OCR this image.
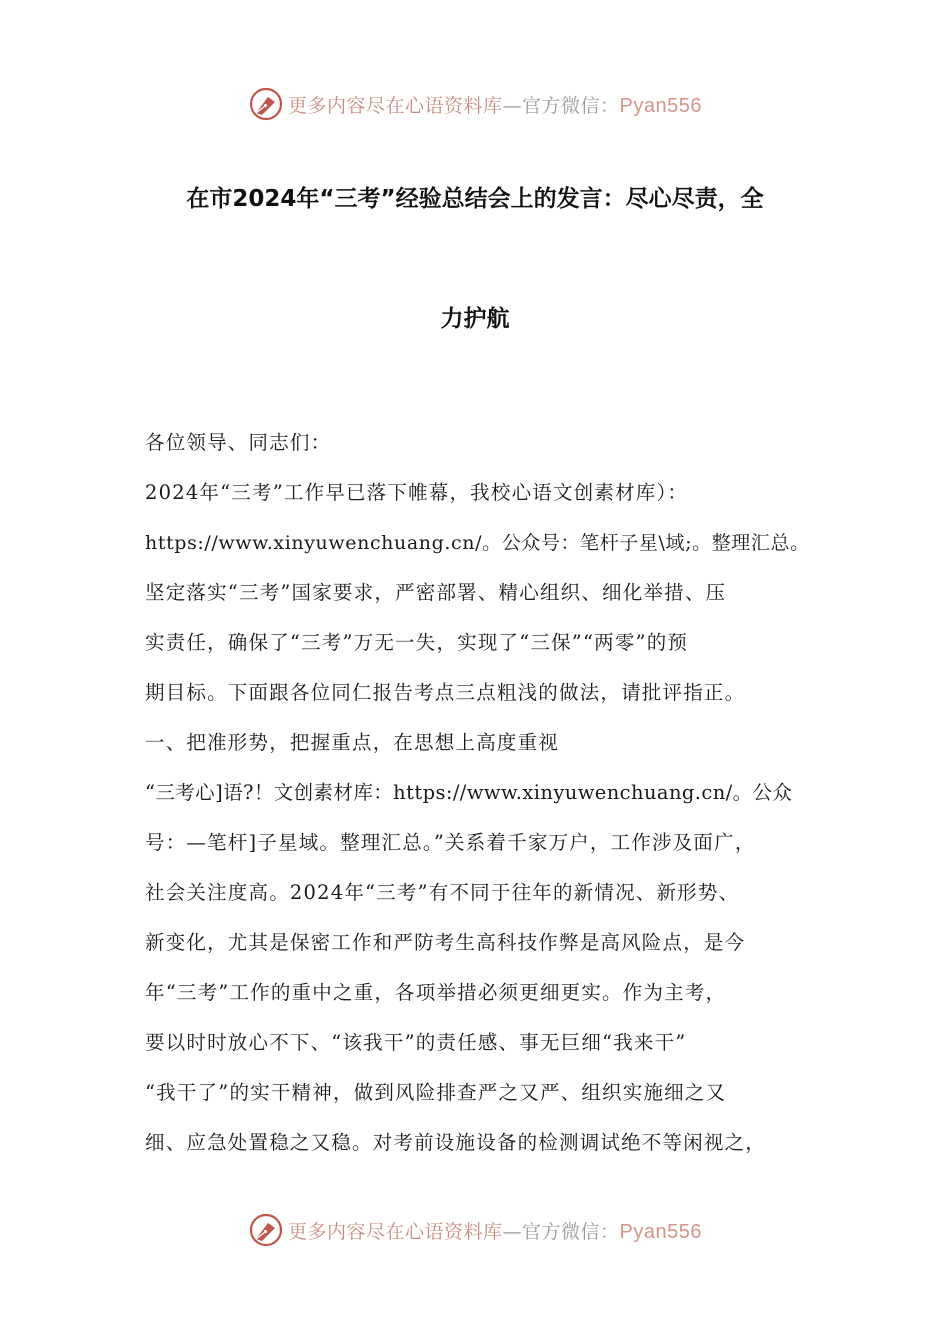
更多内容尽在心语资料库—官方微信：Pyan556
在市2024年“三考”经验总结会上的发言：尽心尽责，全
力护航
各位领导、同志们：
2024年“三考”工作早已落下帷幕，我校心语文创素材库）：
https://www.xinyuwenchuang.cn/。公众号：笔杆子星\域;。整理汇总。
坚定落实“三考”国家要求，严密部署、精心组织、细化举措、压
实责任，确保了“三考”万无一失，实现了“三保”“两零”的预
期目标。下面跟各位同仁报告考点三点粗浅的做法，请批评指正。
一、把准形势，把握重点，在思想上高度重视
“三考心]语?！文创素材库：https://www.xinyuwenchuang.cn/。公众
号：—笔杆]子星域。整理汇总。”关系着千家万户，工作涉及面广，
社会关注度高。2024年“三考”有不同于往年的新情况、新形势、
新变化，尤其是保密工作和严防考生高科技作弊是高风险点，是今
年“三考”工作的重中之重，各项举措必须更细更实。作为主考，
要以时时放心不下、“该我干”的责任感、事无巨细“我来干”
“我干了”的实干精神，做到风险排查严之又严、组织实施细之又
细、应急处置稳之又稳。对考前设施设备的检测调试绝不等闲视之，
更多内容尽在心语资料库—官方微信：Pyan556
